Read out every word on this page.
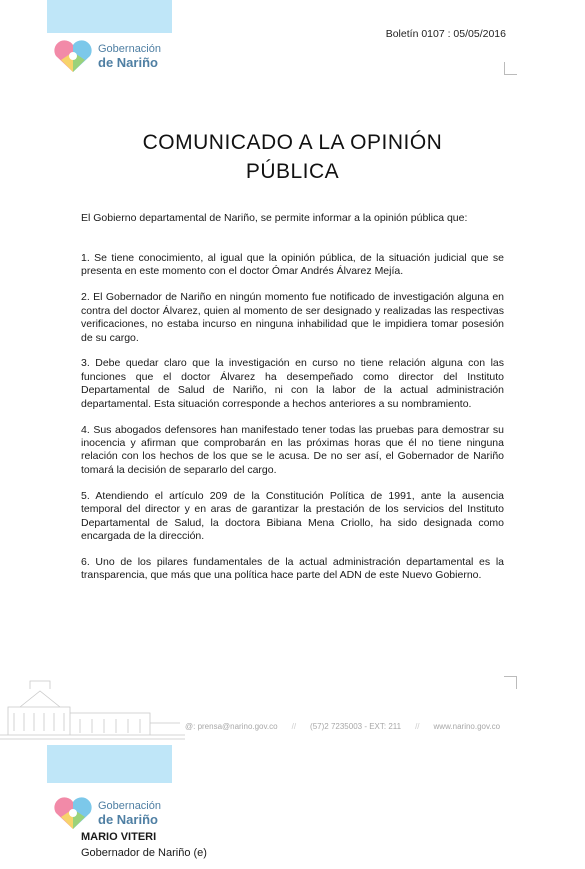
Gobernación
de Nariño
Boletín 0107 : 05/05/2016
COMUNICADO A LA OPINIÓN
PÚBLICA
El Gobierno departamental de Nariño, se permite informar a la opinión pública que:

1. Se tiene conocimiento, al igual que la opinión pública, de la situación judicial que se presenta en este momento con el doctor Ómar Andrés Álvarez Mejía.

2. El Gobernador de Nariño en ningún momento fue notificado de investigación alguna en contra del doctor Álvarez, quien al momento de ser designado y realizadas las respectivas verificaciones, no estaba incurso en ninguna inhabilidad que le impidiera tomar posesión de su cargo.

3. Debe quedar claro que la investigación en curso no tiene relación alguna con las funciones que el doctor Álvarez ha desempeñado como director del Instituto Departamental de Salud de Nariño, ni con la labor de la actual administración departamental. Esta situación corresponde a hechos anteriores a su nombramiento.

4. Sus abogados defensores han manifestado tener todas las pruebas para demostrar su inocencia y afirman que comprobarán en las próximas horas que él no tiene ninguna relación con los hechos de los que se le acusa. De no ser así, el Gobernador de Nariño tomará la decisión de separarlo del cargo.

5. Atendiendo el artículo 209 de la Constitución Política de 1991, ante la ausencia temporal del director y en aras de garantizar la prestación de los servicios del Instituto Departamental de Salud, la doctora Bibiana Mena Criollo, ha sido designada como encargada de la dirección.

6. Uno de los pilares fundamentales de la actual administración departamental es la transparencia, que más que una política hace parte del ADN de este Nuevo Gobierno.

@: prensa@narino.gov.co // (57)2 7235003 - EXT: 211 // www.narino.gov.co
Gobernación
de Nariño
MARIO VITERI
Gobernador de Nariño (e)
